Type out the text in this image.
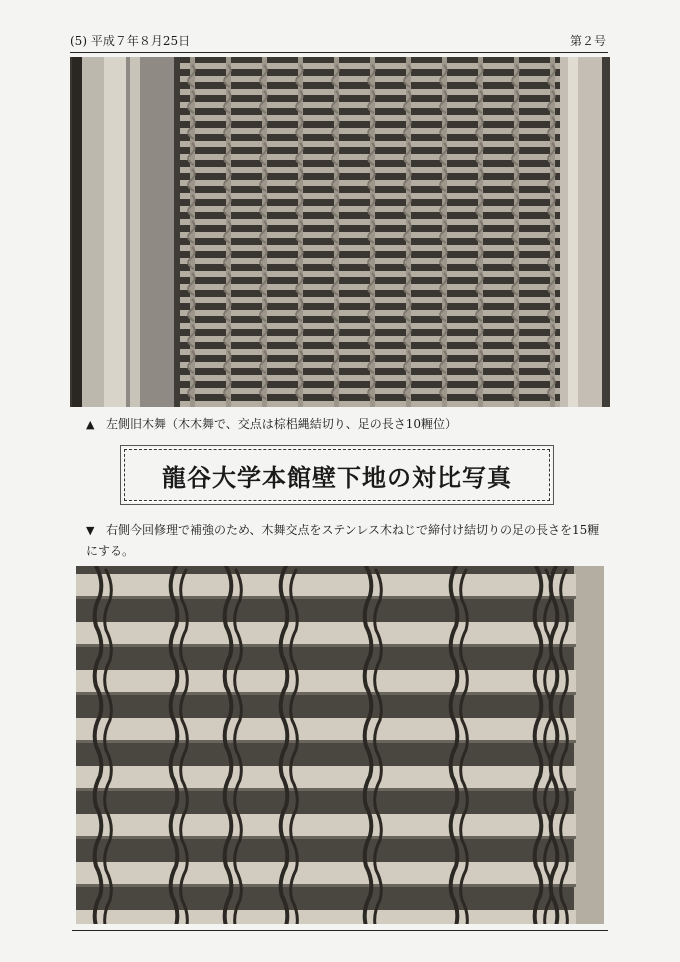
(5) 平成７年８月25日	第２号
▲ 左側旧木舞（木木舞で、交点は棕梠縄結切り、足の長さ10糎位）
龍谷大学本館壁下地の対比写真
▼ 右側今回修理で補強のため、木舞交点をステンレス木ねじで締付け結切りの足の長さを15糎にする。
